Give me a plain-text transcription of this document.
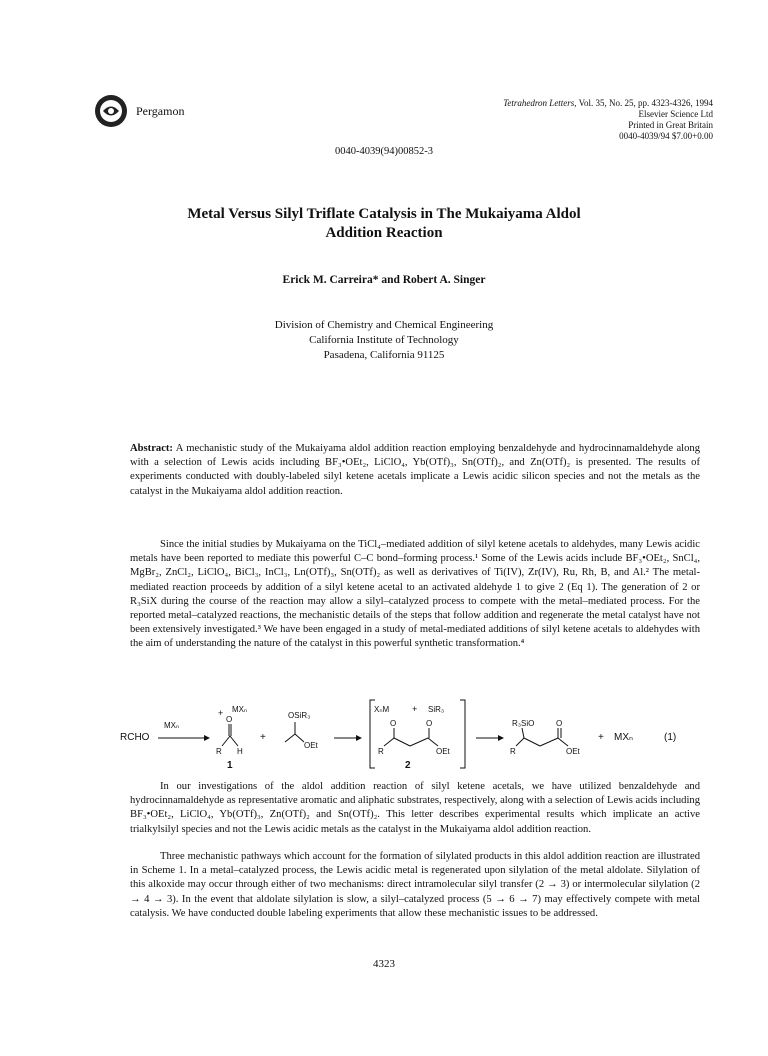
Pergamon
Tetrahedron Letters, Vol. 35, No. 25, pp. 4323-4326, 1994
Elsevier Science Ltd
Printed in Great Britain
0040-4039/94 $7.00+0.00
0040-4039(94)00852-3
Metal Versus Silyl Triflate Catalysis in The Mukaiyama Aldol
Addition Reaction
Erick M. Carreira* and Robert A. Singer
Division of Chemistry and Chemical Engineering
California Institute of Technology
Pasadena, California 91125

Abstract: A mechanistic study of the Mukaiyama aldol addition reaction employing benzaldehyde and hydrocinnamaldehyde along with a selection of Lewis acids including BF₃•OEt₂, LiClO₄, Yb(OTf)₃, Sn(OTf)₂, and Zn(OTf)₂ is presented. The results of experiments conducted with doubly-labeled silyl ketene acetals implicate a Lewis acidic silicon species and not the metals as the catalyst in the Mukaiyama aldol addition reaction.

Since the initial studies by Mukaiyama on the TiCl₄–mediated addition of silyl ketene acetals to aldehydes, many Lewis acidic metals have been reported to mediate this powerful C–C bond–forming process.¹ Some of the Lewis acids include BF₃•OEt₂, SnCl₄, MgBr₂, ZnCl₂, LiClO₄, BiCl₃, InCl₃, Ln(OTf)₃, Sn(OTf)₂ as well as derivatives of Ti(IV), Zr(IV), Ru, Rh, B, and Al.² The metal-mediated reaction proceeds by addition of a silyl ketene acetal to an activated aldehyde 1 to give 2 (Eq 1). The generation of 2 or R₃SiX during the course of the reaction may allow a silyl–catalyzed process to compete with the metal–mediated process. For the reported metal–catalyzed reactions, the mechanistic details of the steps that follow addition and regenerate the metal catalyst have not been extensively investigated.³ We have been engaged in a study of metal-mediated additions of silyl ketene acetals to aldehydes with the aim of understanding the nature of the catalyst in this powerful synthetic transformation.⁴

RCHO
MXₙ
+ MXₙ
O
R H
1
+
OSiR₃
OEt
XₙM	+ SiR₃
O	O
R	OEt
2
R₃SiO	O
R	OEt
+ MXₙ	(1)

In our investigations of the aldol addition reaction of silyl ketene acetals, we have utilized benzaldehyde and hydrocinnamaldehyde as representative aromatic and aliphatic substrates, respectively, along with a selection of Lewis acids including BF₃•OEt₂, LiClO₄, Yb(OTf)₃, Zn(OTf)₂ and Sn(OTf)₂. This letter describes experimental results which implicate an active trialkylsilyl species and not the Lewis acidic metals as the catalyst in the Mukaiyama aldol addition reaction.

Three mechanistic pathways which account for the formation of silylated products in this aldol addition reaction are illustrated in Scheme 1. In a metal–catalyzed process, the Lewis acidic metal is regenerated upon silylation of the metal aldolate. Silylation of this alkoxide may occur through either of two mechanisms: direct intramolecular silyl transfer (2 → 3) or intermolecular silylation (2 → 4 → 3). In the event that aldolate silylation is slow, a silyl–catalyzed process (5 → 6 → 7) may effectively compete with metal catalysis. We have conducted double labeling experiments that allow these mechanistic issues to be addressed.

4323
